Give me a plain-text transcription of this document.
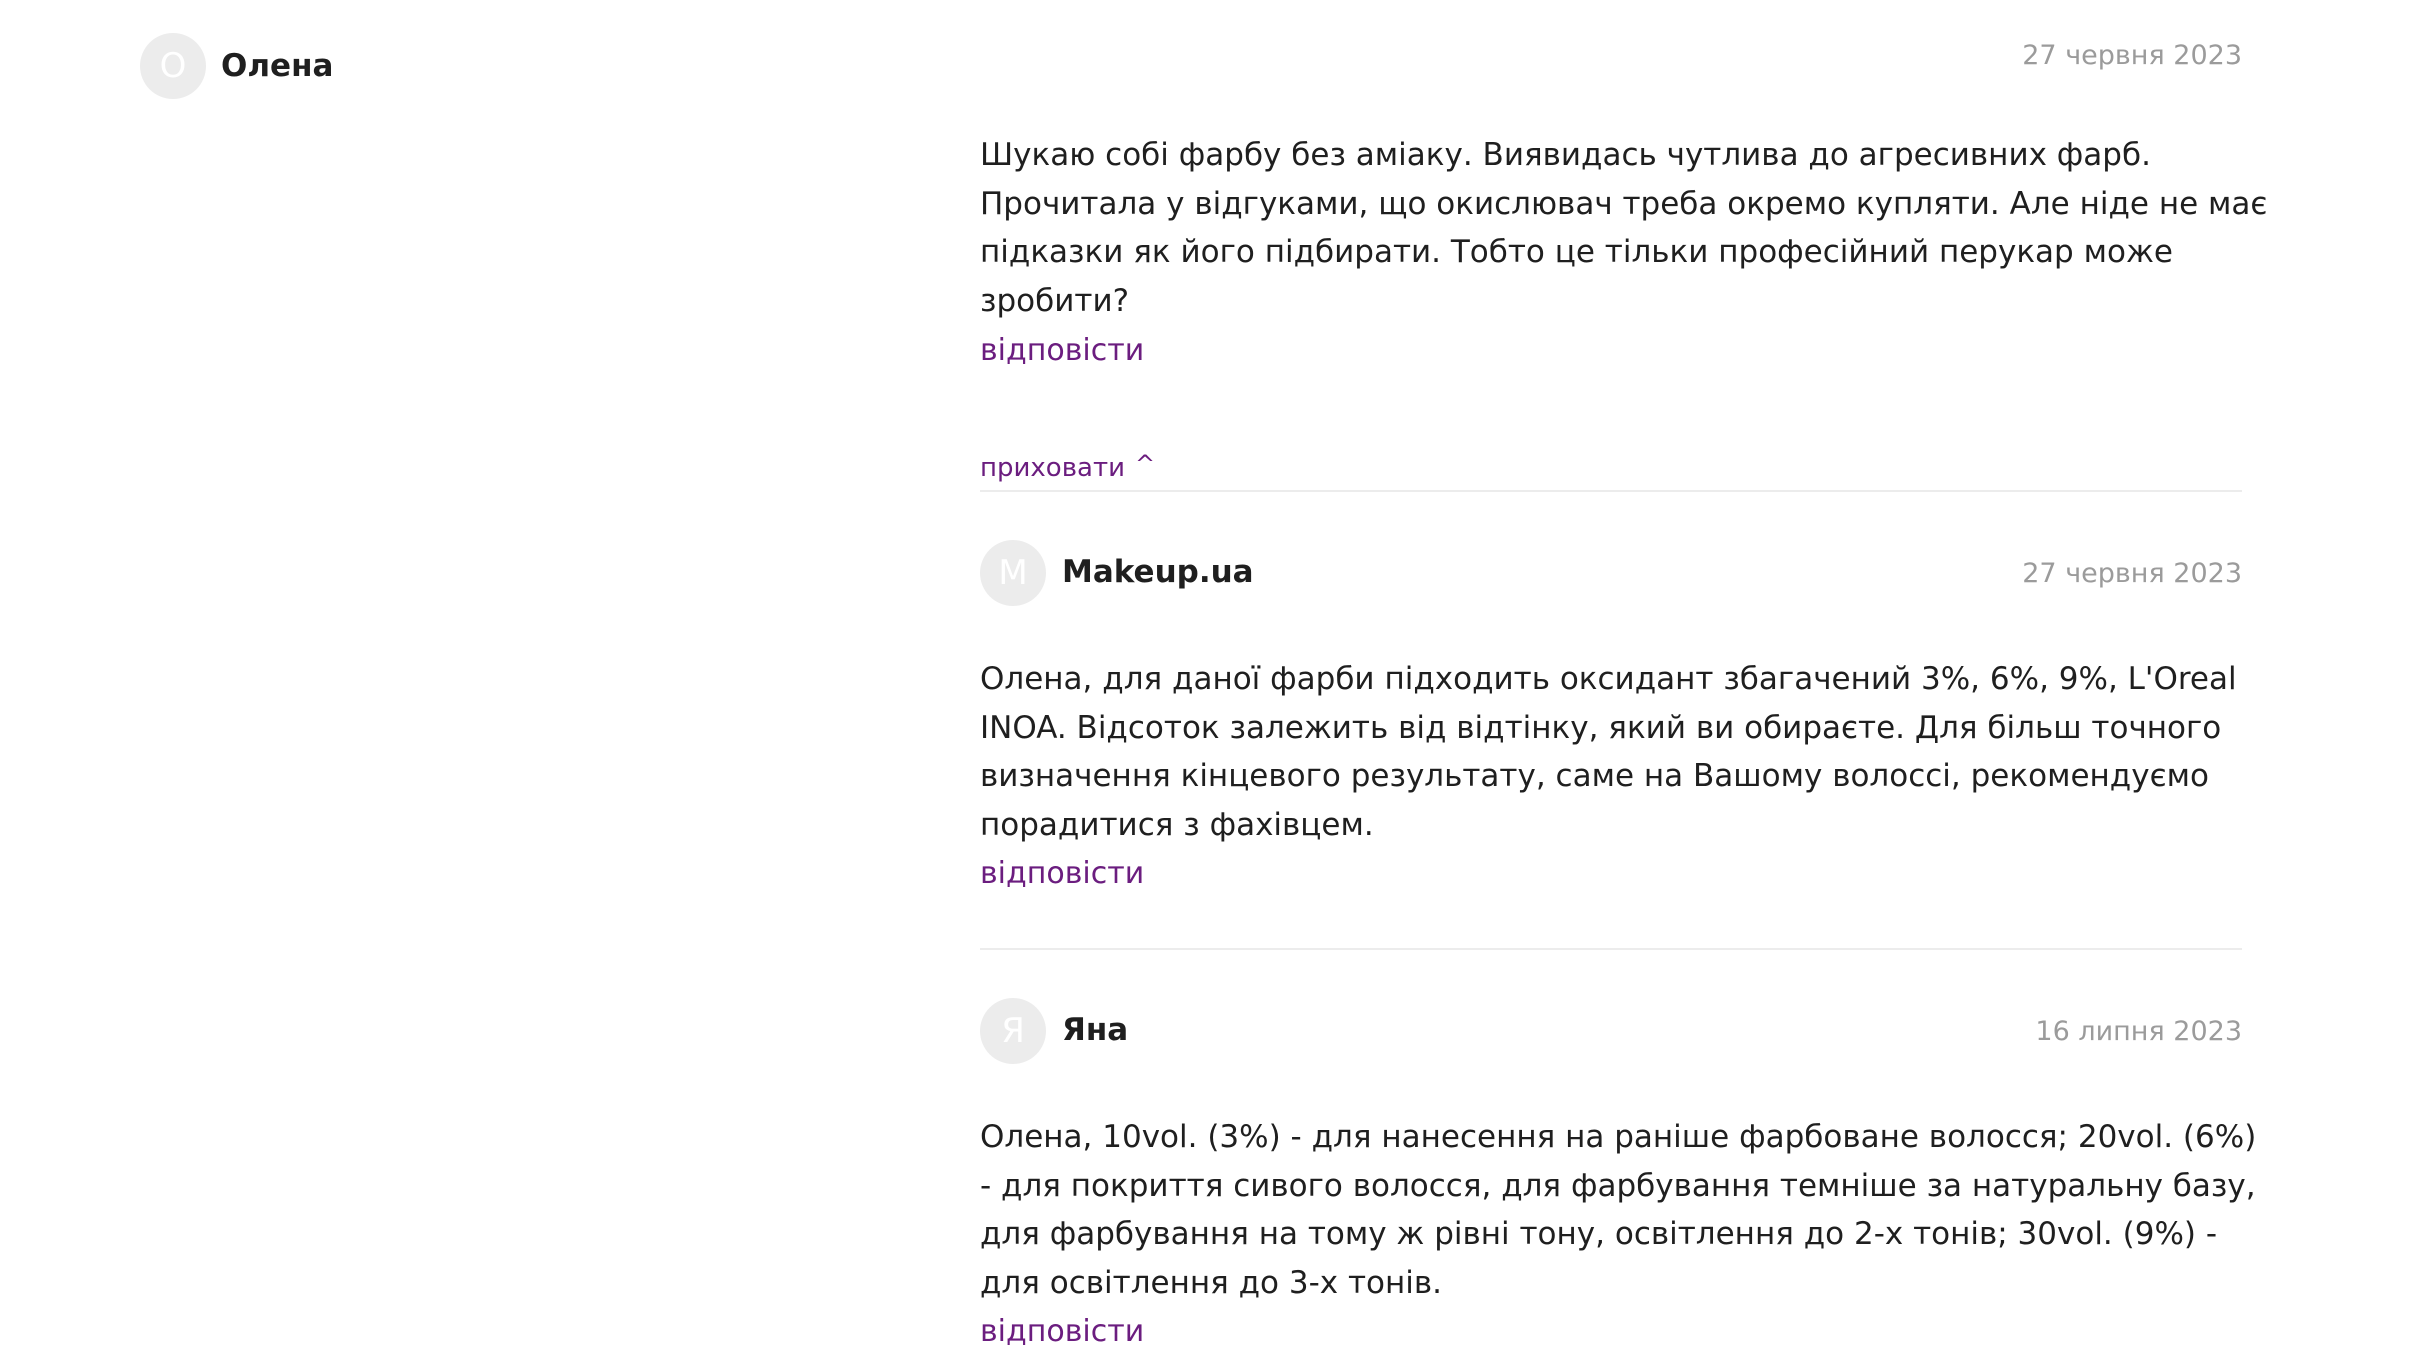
О	Олена	27 червня 2023

Шукаю собі фарбу без аміаку. Виявидась чутлива до агресивних фарб. Прочитала у відгуками, що окислювач треба окремо купляти. Але ніде не має підказки як його підбирати. Тобто це тільки професійний перукар може зробити?

відповісти
приховати ^
M	Makeup.ua	27 червня 2023

Олена, для даної фарби підходить оксидант збагачений 3%, 6%, 9%, L'Oreal INOA. Відсоток залежить від відтінку, який ви обираєте. Для більш точного визначення кінцевого результату, саме на Вашому волоссі, рекомендуємо порадитися з фахівцем.

відповісти
Я	Яна	16 липня 2023

Олена, 10vol. (3%) - для нанесення на раніше фарбоване волосся; 20vol. (6%) - для покриття сивого волосся, для фарбування темніше за натуральну базу, для фарбування на тому ж рівні тону, освітлення до 2-х тонів; 30vol. (9%) - для освітлення до 3-х тонів.

відповісти
